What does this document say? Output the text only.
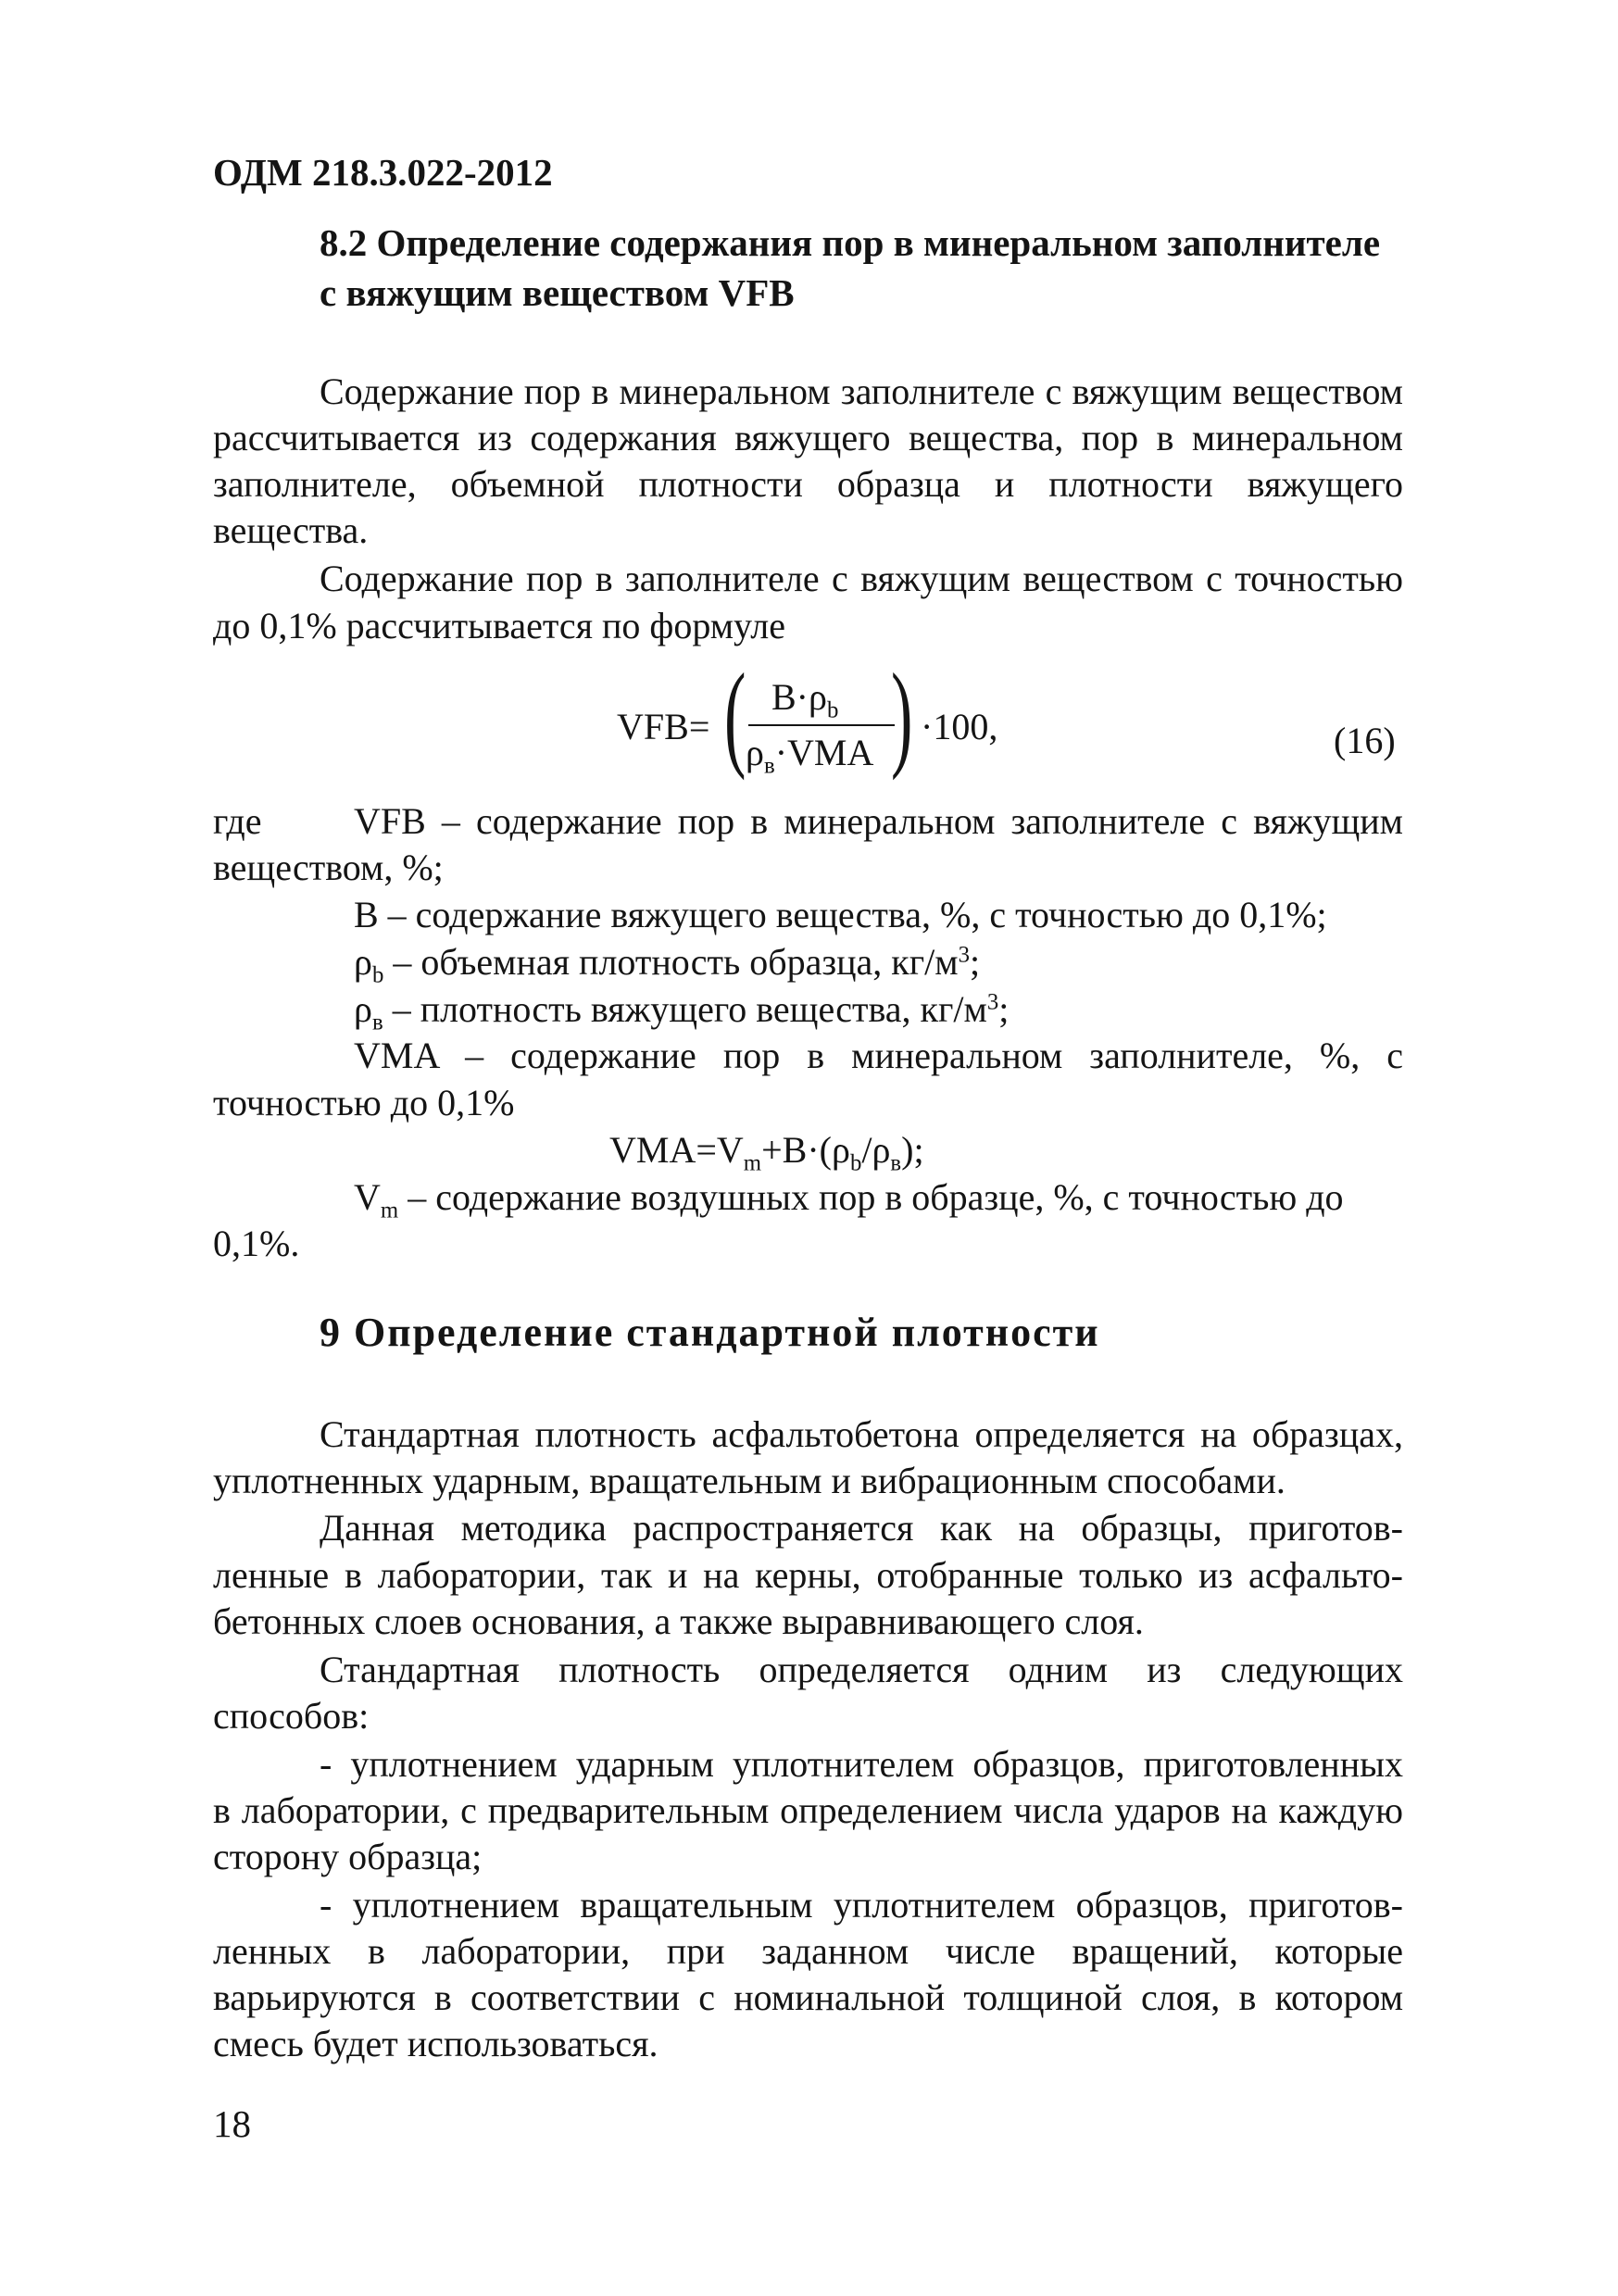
ОДМ 218.3.022-2012
8.2 Определение содержания пор в минеральном заполнителе
с вяжущим веществом VFB
Содержание пор в минеральном заполнителе с вяжущим веществом
рассчитывается из содержания вяжущего вещества, пор в минеральном
заполнителе, объемной плотности образца и плотности вяжущего
вещества.
Содержание пор в заполнителе с вяжущим веществом с точностью
до 0,1% рассчитывается по формуле
VFB= ( $B\cdot\rho_b$
$\rho_в\cdot VMA$ ) ·100,	(16)
где VFB – содержание пор в минеральном заполнителе с вяжущим
веществом, %;
B – содержание вяжущего вещества, %, с точностью до 0,1%;
$\rho_b$ – объемная плотность образца, $кг/м^3$;
$\rho_в$ – плотность вяжущего вещества, $кг/м^3$;
VMA – содержание пор в минеральном заполнителе, %, с
точностью до 0,1%
$VMA=V_m+B\cdot(\rho_b/\rho_в)$;
$V_m$ – содержание воздушных пор в образце, %, с точностью до
0,1%.
9 Определение стандартной плотности
Стандартная плотность асфальтобетона определяется на образцах,
уплотненных ударным, вращательным и вибрационным способами.
Данная методика распространяется как на образцы, приготов-
ленные в лаборатории, так и на керны, отобранные только из асфальто-
бетонных слоев основания, а также выравнивающего слоя.
Стандартная плотность определяется одним из следующих
способов:
- уплотнением ударным уплотнителем образцов, приготовленных
в лаборатории, с предварительным определением числа ударов на каждую
сторону образца;
- уплотнением вращательным уплотнителем образцов, приготов-
ленных в лаборатории, при заданном числе вращений, которые
варьируются в соответствии с номинальной толщиной слоя, в котором
смесь будет использоваться.
18
